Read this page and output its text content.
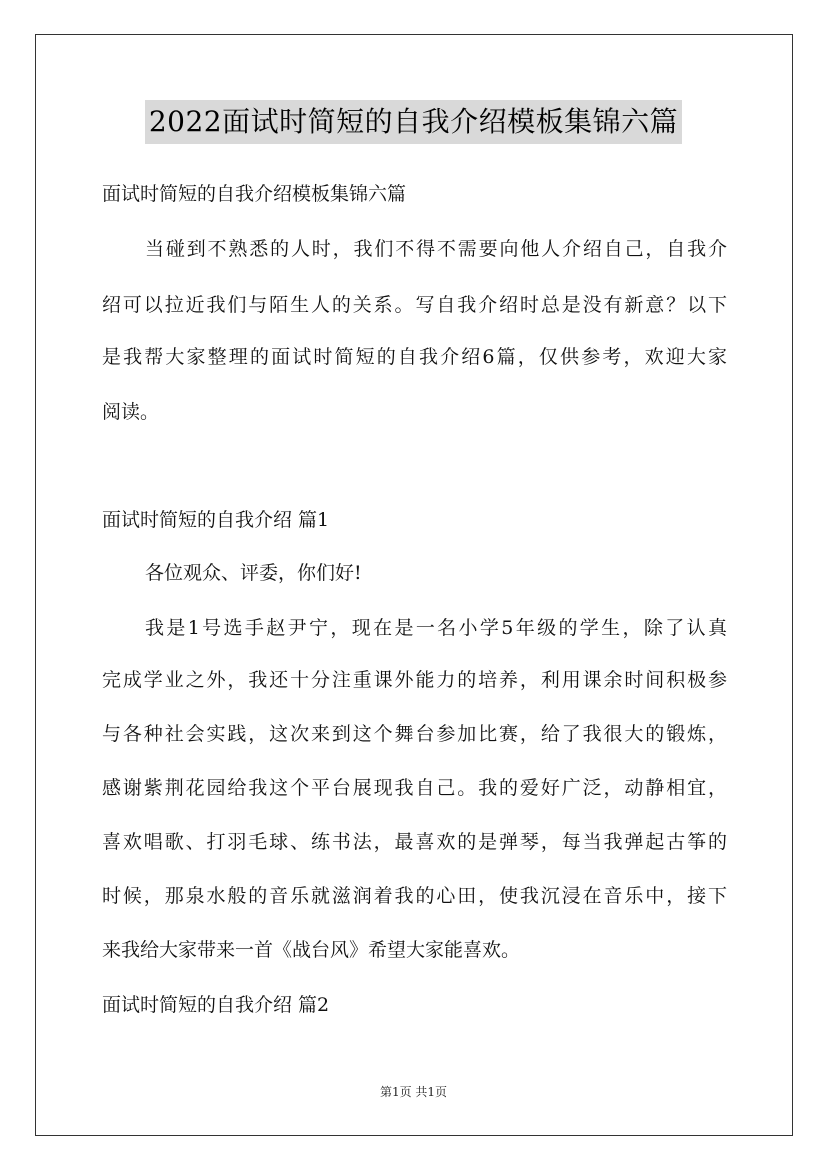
2022面试时简短的自我介绍模板集锦六篇
面试时简短的自我介绍模板集锦六篇
当碰到不熟悉的人时，我们不得不需要向他人介绍自己，自我介
绍可以拉近我们与陌生人的关系。写自我介绍时总是没有新意？以下
是我帮大家整理的面试时简短的自我介绍6篇，仅供参考，欢迎大家
阅读。
面试时简短的自我介绍 篇1
各位观众、评委，你们好!
我是1号选手赵尹宁，现在是一名小学5年级的学生，除了认真
完成学业之外，我还十分注重课外能力的培养，利用课余时间积极参
与各种社会实践，这次来到这个舞台参加比赛，给了我很大的锻炼，
感谢紫荆花园给我这个平台展现我自己。我的爱好广泛，动静相宜，
喜欢唱歌、打羽毛球、练书法，最喜欢的是弹琴，每当我弹起古筝的
时候，那泉水般的音乐就滋润着我的心田，使我沉浸在音乐中，接下
来我给大家带来一首《战台风》希望大家能喜欢。
面试时简短的自我介绍 篇2
第1页 共1页
